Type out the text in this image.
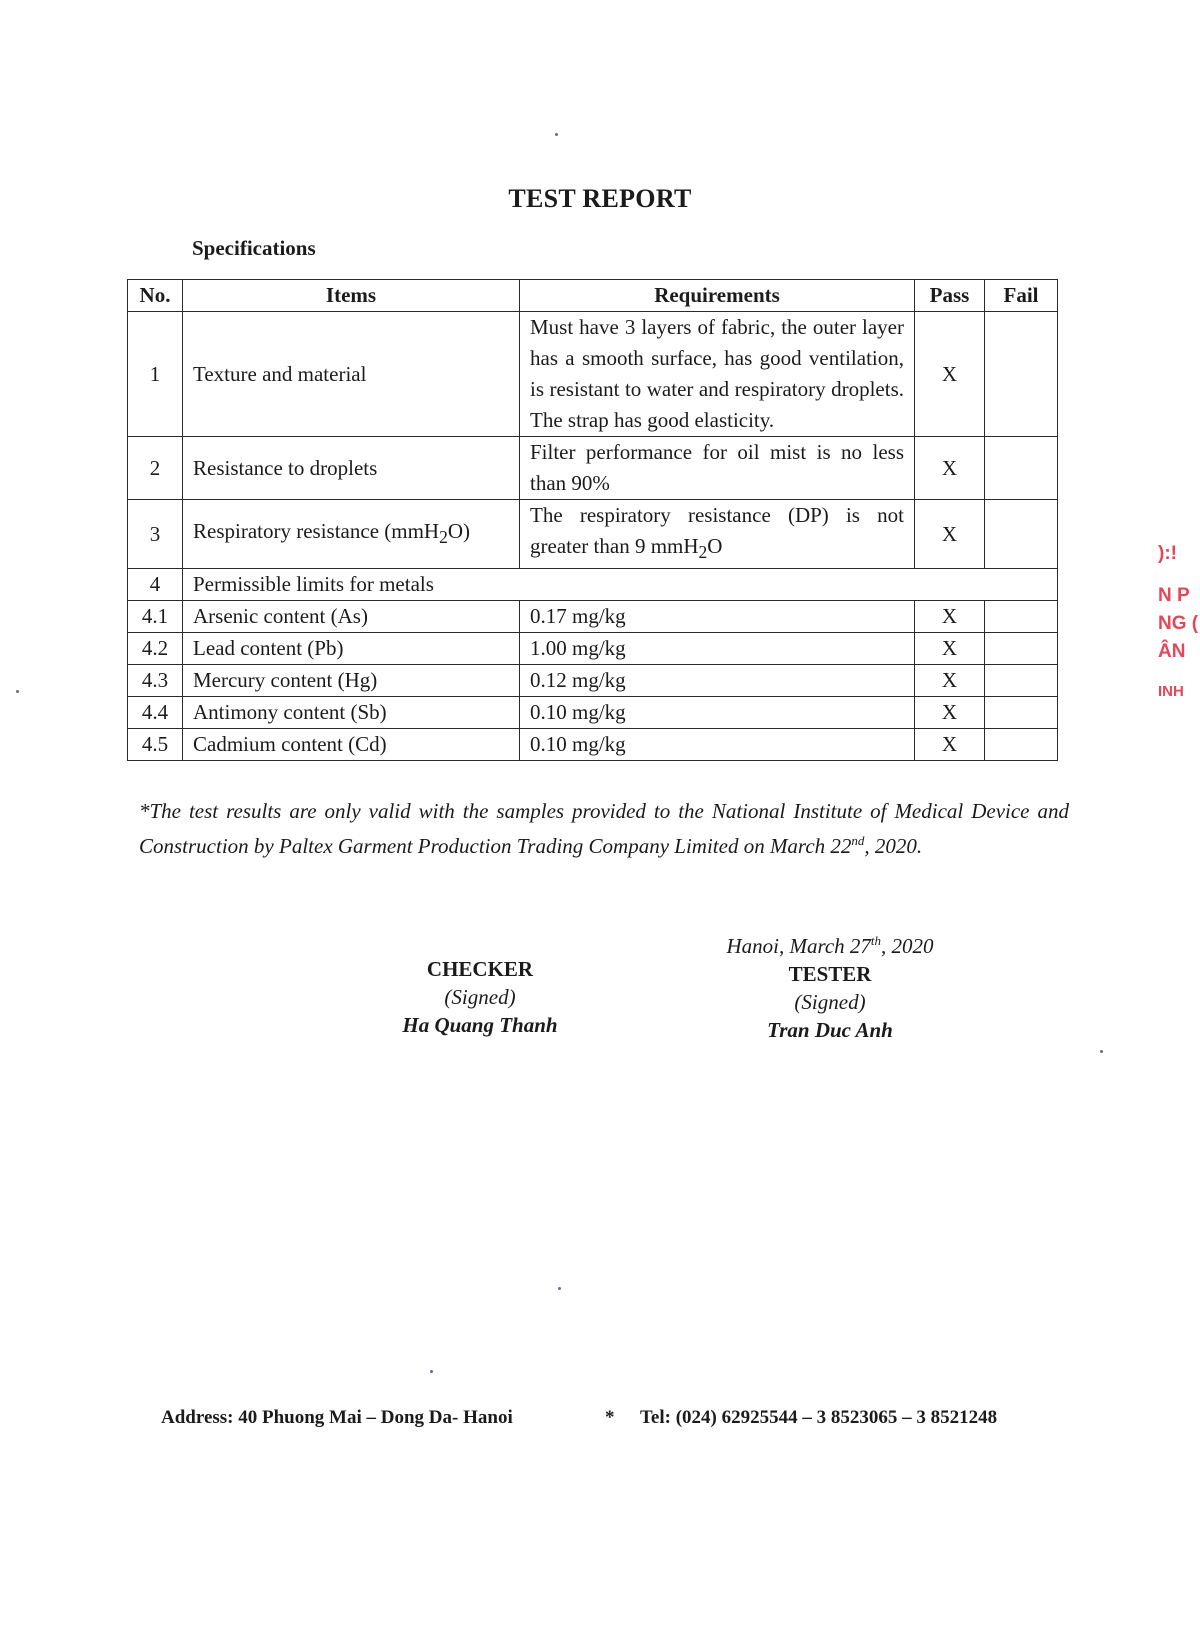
TEST REPORT
Specifications
No.	Items	Requirements	Pass	Fail
1	Texture and material	Must have 3 layers of fabric, the outer layer has a smooth surface, has good ventilation, is resistant to water and respiratory droplets. The strap has good elasticity.	X	
2	Resistance to droplets	Filter performance for oil mist is no less than 90%	X	
3	Respiratory resistance (mmH$_2$O)	The respiratory resistance (DP) is not greater than 9 mmH$_2$O	X	
4	Permissible limits for metals			
4.1	Arsenic content (As)	0.17 mg/kg	X	
4.2	Lead content (Pb)	1.00 mg/kg	X	
4.3	Mercury content (Hg)	0.12 mg/kg	X	
4.4	Antimony content (Sb)	0.10 mg/kg	X	
4.5	Cadmium content (Cd)	0.10 mg/kg	X	
*The test results are only valid with the samples provided to the National Institute of Medical Device and Construction by Paltex Garment Production Trading Company Limited on March 22nd, 2020.
CHECKER
(Signed)
Ha Quang Thanh
Hanoi, March 27th, 2020
TESTER
(Signed)
Tran Duc Anh
Address: 40 Phuong Mai – Dong Da- Hanoi	* Tel: (024) 62925544 – 3 8523065 – 3 8521248
):!
N P
NG (
ÂN
INH
